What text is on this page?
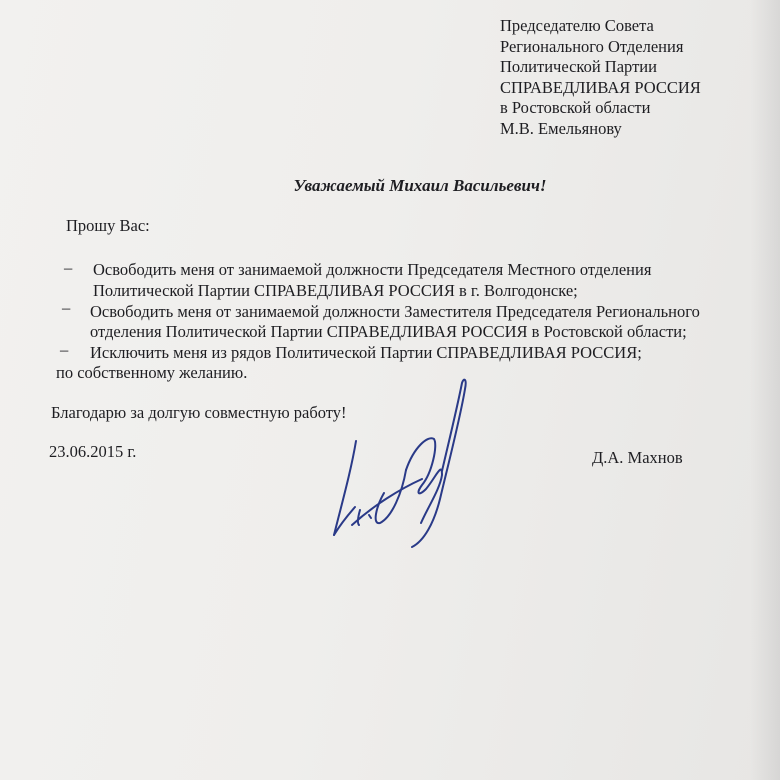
Председателю Совета
Регионального Отделения
Политической Партии
СПРАВЕДЛИВАЯ РОССИЯ
в Ростовской области
М.В. Емельянову
Уважаемый Михаил Васильевич!
Прошу Вас:
– Освободить меня от занимаемой должности Председателя Местного отделения
Политической Партии СПРАВЕДЛИВАЯ РОССИЯ в г. Волгодонске;
– Освободить меня от занимаемой должности Заместителя Председателя Регионального
отделения Политической Партии СПРАВЕДЛИВАЯ РОССИЯ в Ростовской области;
– Исключить меня из рядов Политической Партии СПРАВЕДЛИВАЯ РОССИЯ;
по собственному желанию.
Благодарю за долгую совместную работу!
23.06.2015 г.	Д.А. Махнов
